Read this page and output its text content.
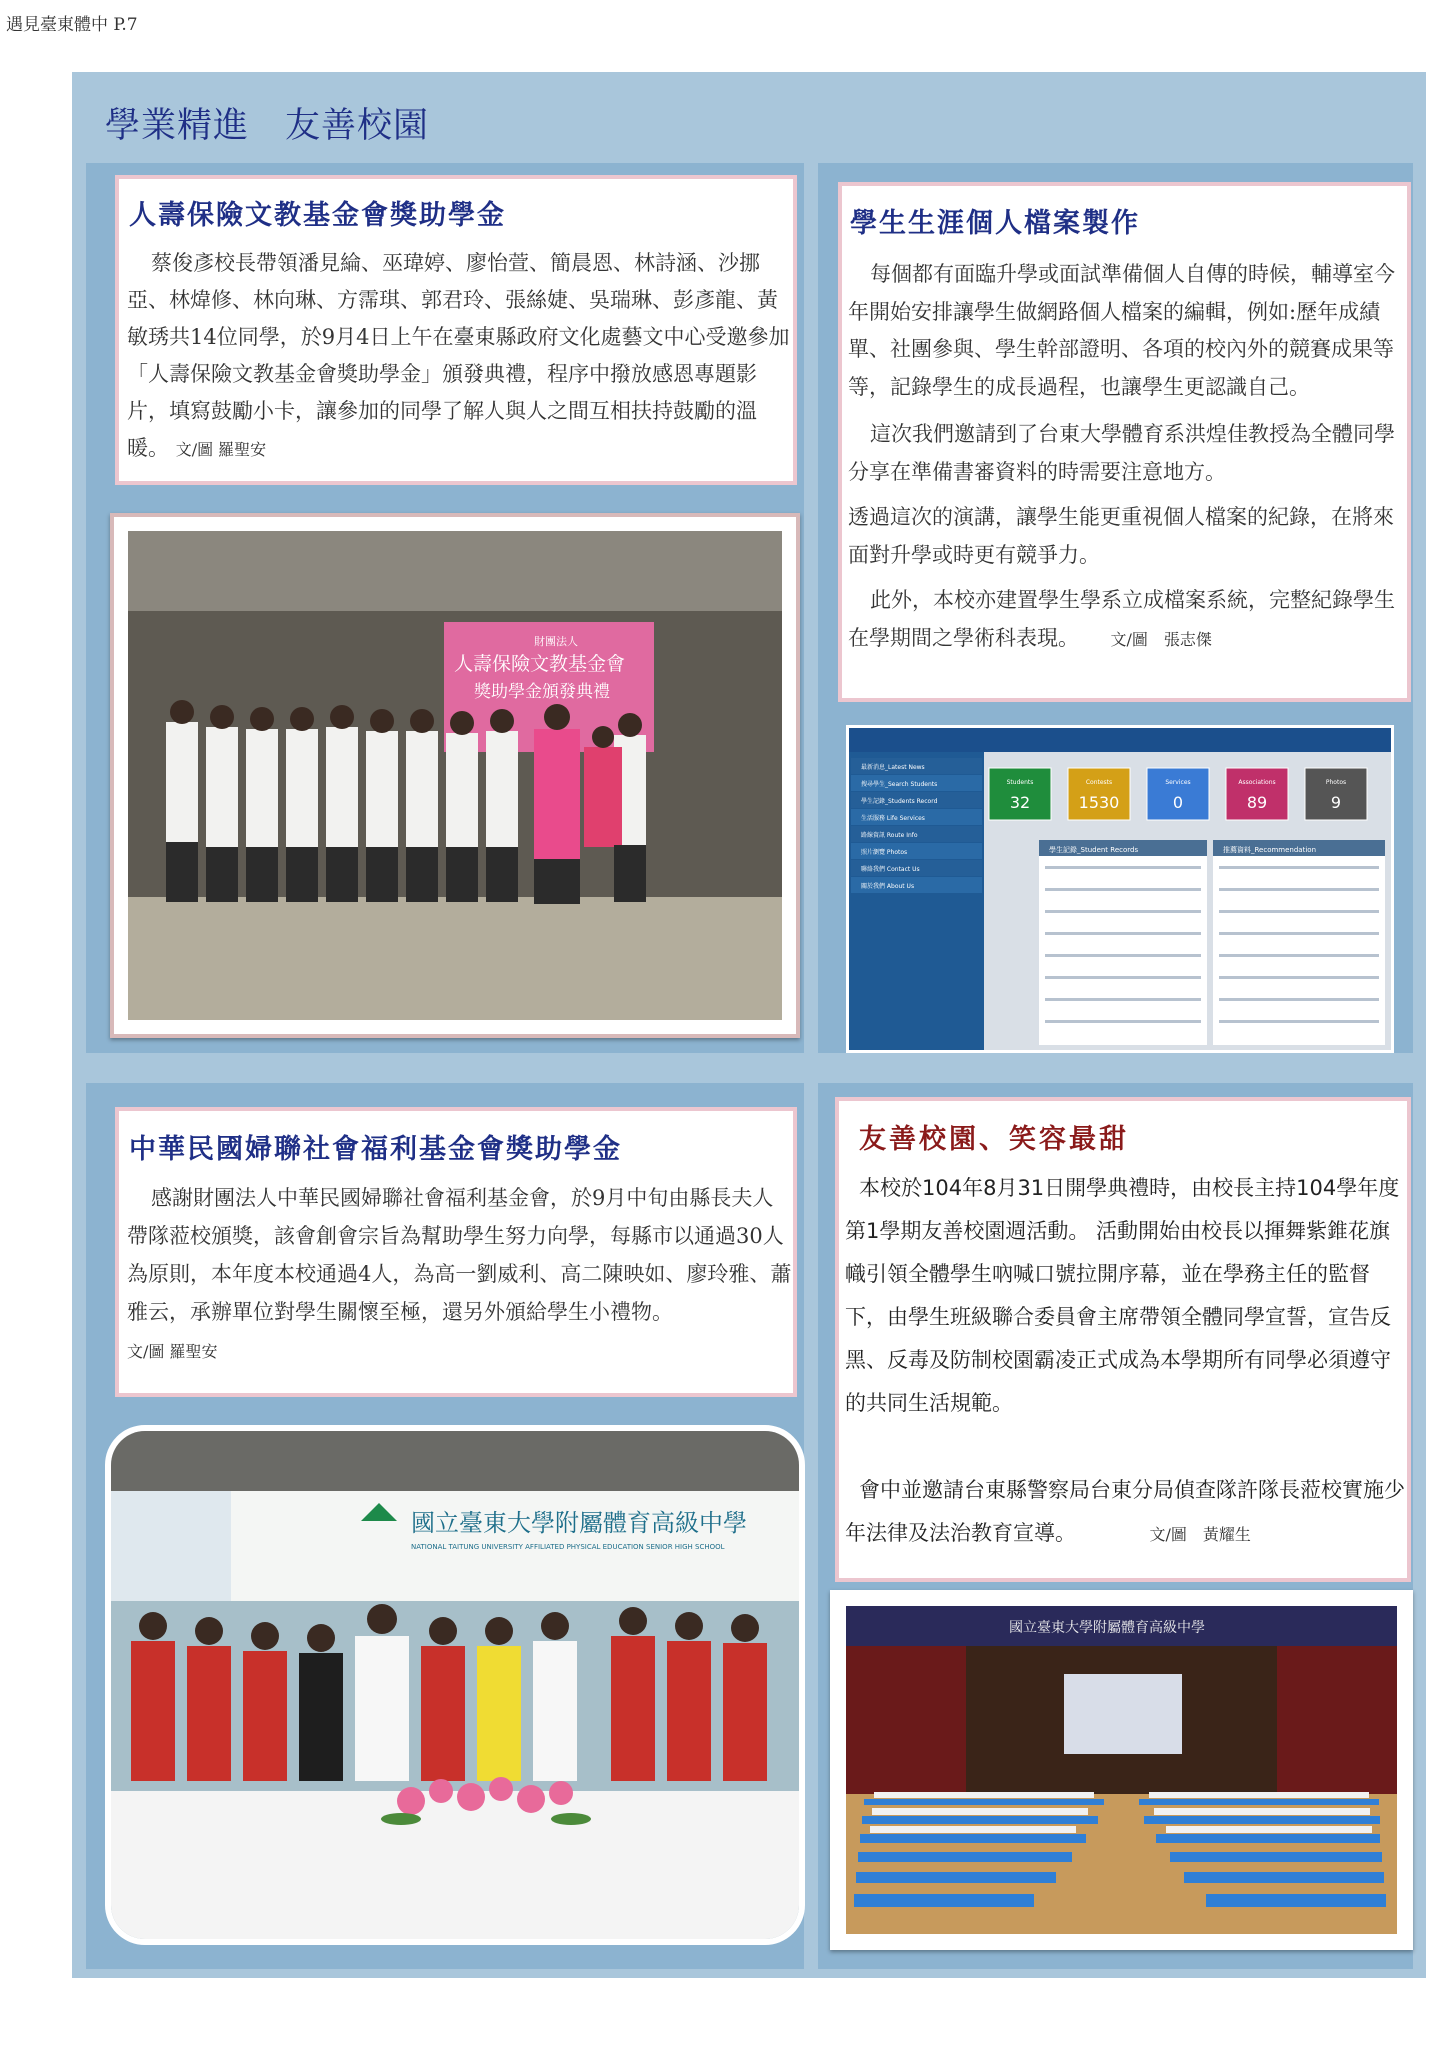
遇見臺東體中 P.7
學業精進　友善校園
人壽保險文教基金會獎助學金
蔡俊彥校長帶領潘見綸、巫瑋婷、廖怡萱、簡晨恩、林詩涵、沙挪亞、林煒修、林向琳、方霈琪、郭君玲、張絲婕、吳瑞琳、彭彥龍、黃敏琇共14位同學，於9月4日上午在臺東縣政府文化處藝文中心受邀參加「人壽保險文教基金會獎助學金」頒發典禮，程序中撥放感恩專題影片，填寫鼓勵小卡，讓參加的同學了解人與人之間互相扶持鼓勵的溫暖。 文/圖 羅聖安
財團法人
人壽保險文教基金會
獎助學金頒發典禮
學生生涯個人檔案製作
每個都有面臨升學或面試準備個人自傳的時候，輔導室今年開始安排讓學生做網路個人檔案的編輯，例如:歷年成績單、社團參與、學生幹部證明、各項的校內外的競賽成果等等，記錄學生的成長過程，也讓學生更認識自己。
這次我們邀請到了台東大學體育系洪煌佳教授為全體同學分享在準備書審資料的時需要注意地方。
透過這次的演講，讓學生能更重視個人檔案的紀錄，在將來面對升學或時更有競爭力。
此外，本校亦建置學生學系立成檔案系統，完整紀錄學生在學期間之學術科表現。　　	文/圖　張志傑
Students
32
Contests
1530
Services
0
Associations
89
Photos
9
學生記錄_Student Records	推薦資料_Recommendation
最新消息_Latest News
搜尋學生_Search Students
學生記錄_Students Record
生活服務 Life Services
路線資訊 Route Info
照片瀏覽 Photos
聯絡我們 Contact Us
關於我們 About Us
中華民國婦聯社會福利基金會獎助學金
感謝財團法人中華民國婦聯社會福利基金會，於9月中旬由縣長夫人帶隊蒞校頒獎，該會創會宗旨為幫助學生努力向學，每縣市以通過30人為原則，本年度本校通過4人，為高一劉威利、高二陳映如、廖玲雅、蕭雅云，承辦單位對學生關懷至極，還另外頒給學生小禮物。　　　　　　文/圖 羅聖安
國立臺東大學附屬體育高級中學
NATIONAL TAITUNG UNIVERSITY AFFILIATED PHYSICAL EDUCATION SENIOR HIGH SCHOOL
友善校園、笑容最甜
本校於104年8月31日開學典禮時，由校長主持104學年度第1學期友善校園週活動。 活動開始由校長以揮舞紫錐花旗幟引領全體學生吶喊口號拉開序幕，並在學務主任的監督下，由學生班級聯合委員會主席帶領全體同學宣誓，宣告反黑、反毒及防制校園霸凌正式成為本學期所有同學必須遵守的共同生活規範。
會中並邀請台東縣警察局台東分局偵查隊許隊長蒞校實施少年法律及法治教育宣導。　　　　	文/圖　黃耀生
國立臺東大學附屬體育高級中學
